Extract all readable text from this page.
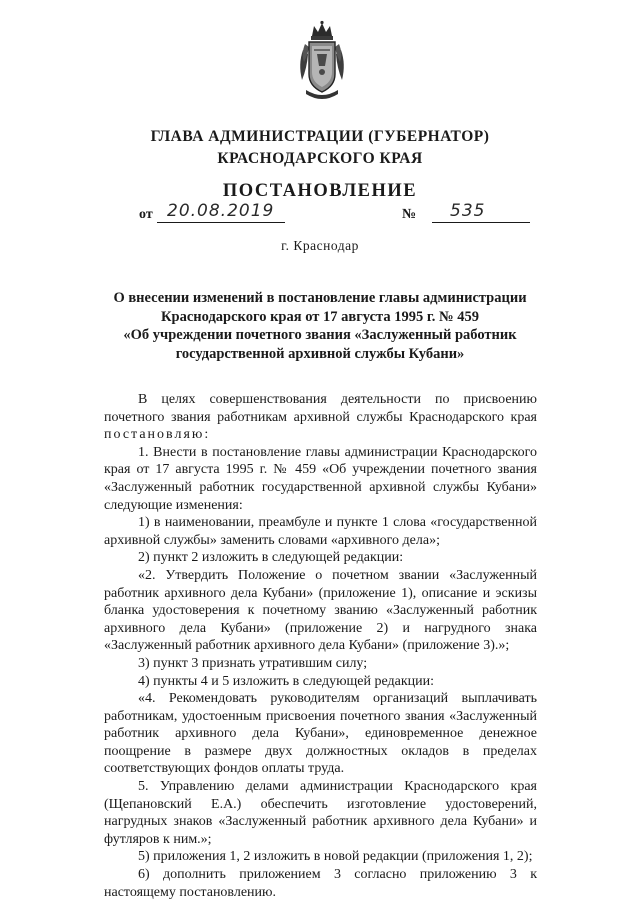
ГЛАВА АДМИНИСТРАЦИИ (ГУБЕРНАТОР)
КРАСНОДАРСКОГО КРАЯ
ПОСТАНОВЛЕНИЕ
от 20.08.2019	№ 535
г. Краснодар
О внесении изменений в постановление главы администрации
Краснодарского края от 17 августа 1995 г. № 459
«Об учреждении почетного звания «Заслуженный работник
государственной архивной службы Кубани»

В целях совершенствования деятельности по присвоению почетного звания работникам архивной службы Краснодарского края постановляю:

1. Внести в постановление главы администрации Краснодарского края от 17 августа 1995 г. № 459 «Об учреждении почетного звания «Заслуженный работник государственной архивной службы Кубани» следующие изменения:

1) в наименовании, преамбуле и пункте 1 слова «государственной архивной службы» заменить словами «архивного дела»;

2) пункт 2 изложить в следующей редакции:

«2. Утвердить Положение о почетном звании «Заслуженный работник архивного дела Кубани» (приложение 1), описание и эскизы бланка удостоверения к почетному званию «Заслуженный работник архивного дела Кубани» (приложение 2) и нагрудного знака «Заслуженный работник архивного дела Кубани» (приложение 3).»;

3) пункт 3 признать утратившим силу;

4) пункты 4 и 5 изложить в следующей редакции:

«4. Рекомендовать руководителям организаций выплачивать работникам, удостоенным присвоения почетного звания «Заслуженный работник архивного дела Кубани», единовременное денежное поощрение в размере двух должностных окладов в пределах соответствующих фондов оплаты труда.

5. Управлению делами администрации Краснодарского края (Щепановский Е.А.) обеспечить изготовление удостоверений, нагрудных знаков «Заслуженный работник архивного дела Кубани» и футляров к ним.»;

5) приложения 1, 2 изложить в новой редакции (приложения 1, 2);

6) дополнить приложением 3 согласно приложению 3 к настоящему постановлению.
